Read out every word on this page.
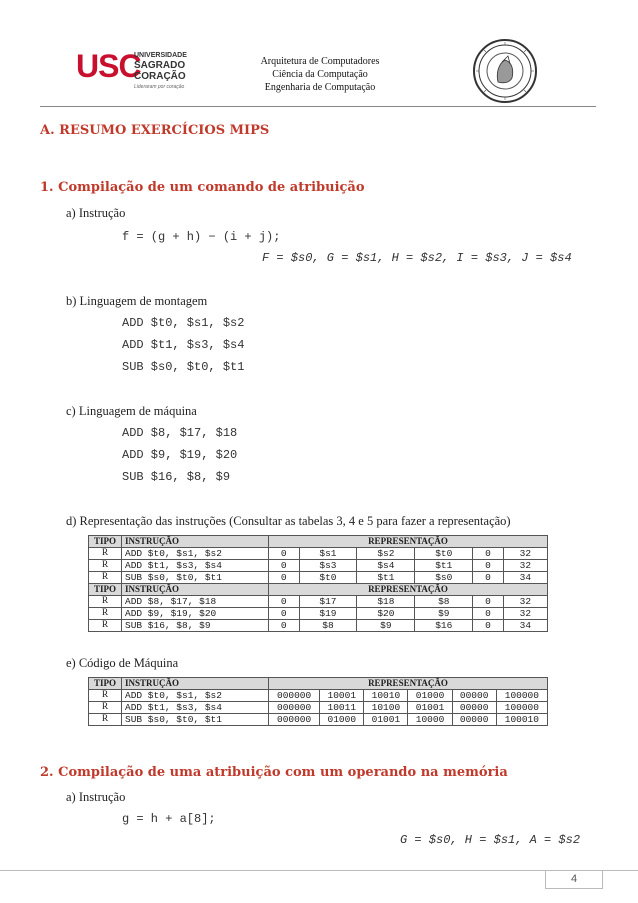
USC
UNIVERSIDADE
SAGRADO
CORAÇÃO
Lideraram por coração
Arquitetura de Computadores
Ciência da Computação
Engenharia de Computação
A. RESUMO EXERCÍCIOS MIPS
1. Compilação de um comando de atribuição
a) Instrução
f = (g + h) − (i + j);
F = $s0, G = $s1, H = $s2, I = $s3, J = $s4
b) Linguagem de montagem
ADD $t0, $s1, $s2
ADD $t1, $s3, $s4
SUB $s0, $t0, $t1
c) Linguagem de máquina
ADD $8, $17, $18
ADD $9, $19, $20
SUB $16, $8, $9
d) Representação das instruções (Consultar as tabelas 3, 4 e 5 para fazer a representação)
TIPO	INSTRUÇÃO	REPRESENTAÇÃO					
R	ADD $t0, $s1, $s2	0	$s1	$s2	$t0	0	32
R	ADD $t1, $s3, $s4	0	$s3	$s4	$t1	0	32
R	SUB $s0, $t0, $t1	0	$t0	$t1	$s0	0	34
TIPO	INSTRUÇÃO	REPRESENTAÇÃO					
R	ADD $8, $17, $18	0	$17	$18	$8	0	32
R	ADD $9, $19, $20	0	$19	$20	$9	0	32
R	SUB $16, $8, $9	0	$8	$9	$16	0	34
e) Código de Máquina
TIPO	INSTRUÇÃO	REPRESENTAÇÃO					
R	ADD $t0, $s1, $s2	000000	10001	10010	01000	00000	100000
R	ADD $t1, $s3, $s4	000000	10011	10100	01001	00000	100000
R	SUB $s0, $t0, $t1	000000	01000	01001	10000	00000	100010
2. Compilação de uma atribuição com um operando na memória
a) Instrução
g = h + a[8];
G = $s0, H = $s1, A = $s2
4
